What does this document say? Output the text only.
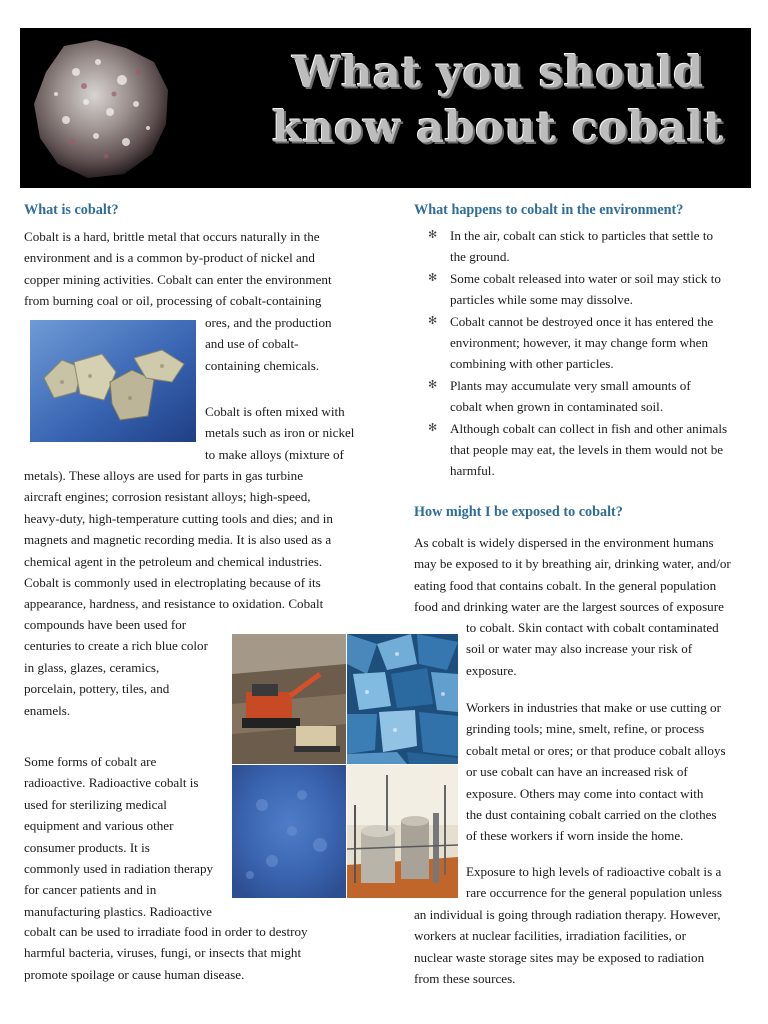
What you should
know about cobalt
What is cobalt?
Cobalt is a hard, brittle metal that occurs naturally in the
environment and is a common by-product of nickel and
copper mining activities. Cobalt can enter the environment
from burning coal or oil, processing of cobalt-containing
ores, and the production
and use of cobalt-
containing chemicals.
Cobalt is often mixed with
metals such as iron or nickel
to make alloys (mixture of
metals). These alloys are used for parts in gas turbine
aircraft engines; corrosion resistant alloys; high-speed,
heavy-duty, high-temperature cutting tools and dies; and in
magnets and magnetic recording media. It is also used as a
chemical agent in the petroleum and chemical industries.
Cobalt is commonly used in electroplating because of its
appearance, hardness, and resistance to oxidation. Cobalt
compounds have been used for
centuries to create a rich blue color
in glass, glazes, ceramics,
porcelain, pottery, tiles, and
enamels.
Some forms of cobalt are
radioactive. Radioactive cobalt is
used for sterilizing medical
equipment and various other
consumer products. It is
commonly used in radiation therapy
for cancer patients and in
manufacturing plastics. Radioactive
cobalt can be used to irradiate food in order to destroy
harmful bacteria, viruses, fungi, or insects that might
promote spoilage or cause human disease.
What happens to cobalt in the environment?
✻ In the air, cobalt can stick to particles that settle to
the ground.
✻ Some cobalt released into water or soil may stick to
particles while some may dissolve.
✻ Cobalt cannot be destroyed once it has entered the
environment; however, it may change form when
combining with other particles.
✻ Plants may accumulate very small amounts of
cobalt when grown in contaminated soil.
✻ Although cobalt can collect in fish and other animals
that people may eat, the levels in them would not be
harmful.
How might I be exposed to cobalt?
As cobalt is widely dispersed in the environment humans
may be exposed to it by breathing air, drinking water, and/or
eating food that contains cobalt. In the general population
food and drinking water are the largest sources of exposure
to cobalt. Skin contact with cobalt contaminated
soil or water may also increase your risk of
exposure.
Workers in industries that make or use cutting or
grinding tools; mine, smelt, refine, or process
cobalt metal or ores; or that produce cobalt alloys
or use cobalt can have an increased risk of
exposure. Others may come into contact with
the dust containing cobalt carried on the clothes
of these workers if worn inside the home.
Exposure to high levels of radioactive cobalt is a
rare occurrence for the general population unless
an individual is going through radiation therapy. However,
workers at nuclear facilities, irradiation facilities, or
nuclear waste storage sites may be exposed to radiation
from these sources.
